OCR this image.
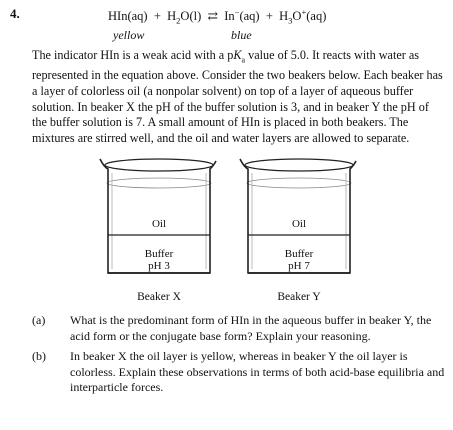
4.	$HIn(aq) + H_2O(l)$ ⇄ $In^-(aq) + H_3O^+(aq)$
yellow	blue
The indicator HIn is a weak acid with a $pK_a$ value of 5.0. It reacts with water as represented in the equation above. Consider the two beakers below. Each beaker has a layer of colorless oil (a nonpolar solvent) on top of a layer of aqueous buffer solution. In beaker X the pH of the buffer solution is 3, and in beaker Y the pH of the buffer solution is 7. A small amount of HIn is placed in both beakers. The mixtures are stirred well, and the oil and water layers are allowed to separate.
Oil
Buffer
pH 3
Beaker X
Oil
Buffer
pH 7
Beaker Y
(a) What is the predominant form of HIn in the aqueous buffer in beaker Y, the acid form or the conjugate base form? Explain your reasoning.
(b) In beaker X the oil layer is yellow, whereas in beaker Y the oil layer is colorless. Explain these observations in terms of both acid-base equilibria and interparticle forces.
